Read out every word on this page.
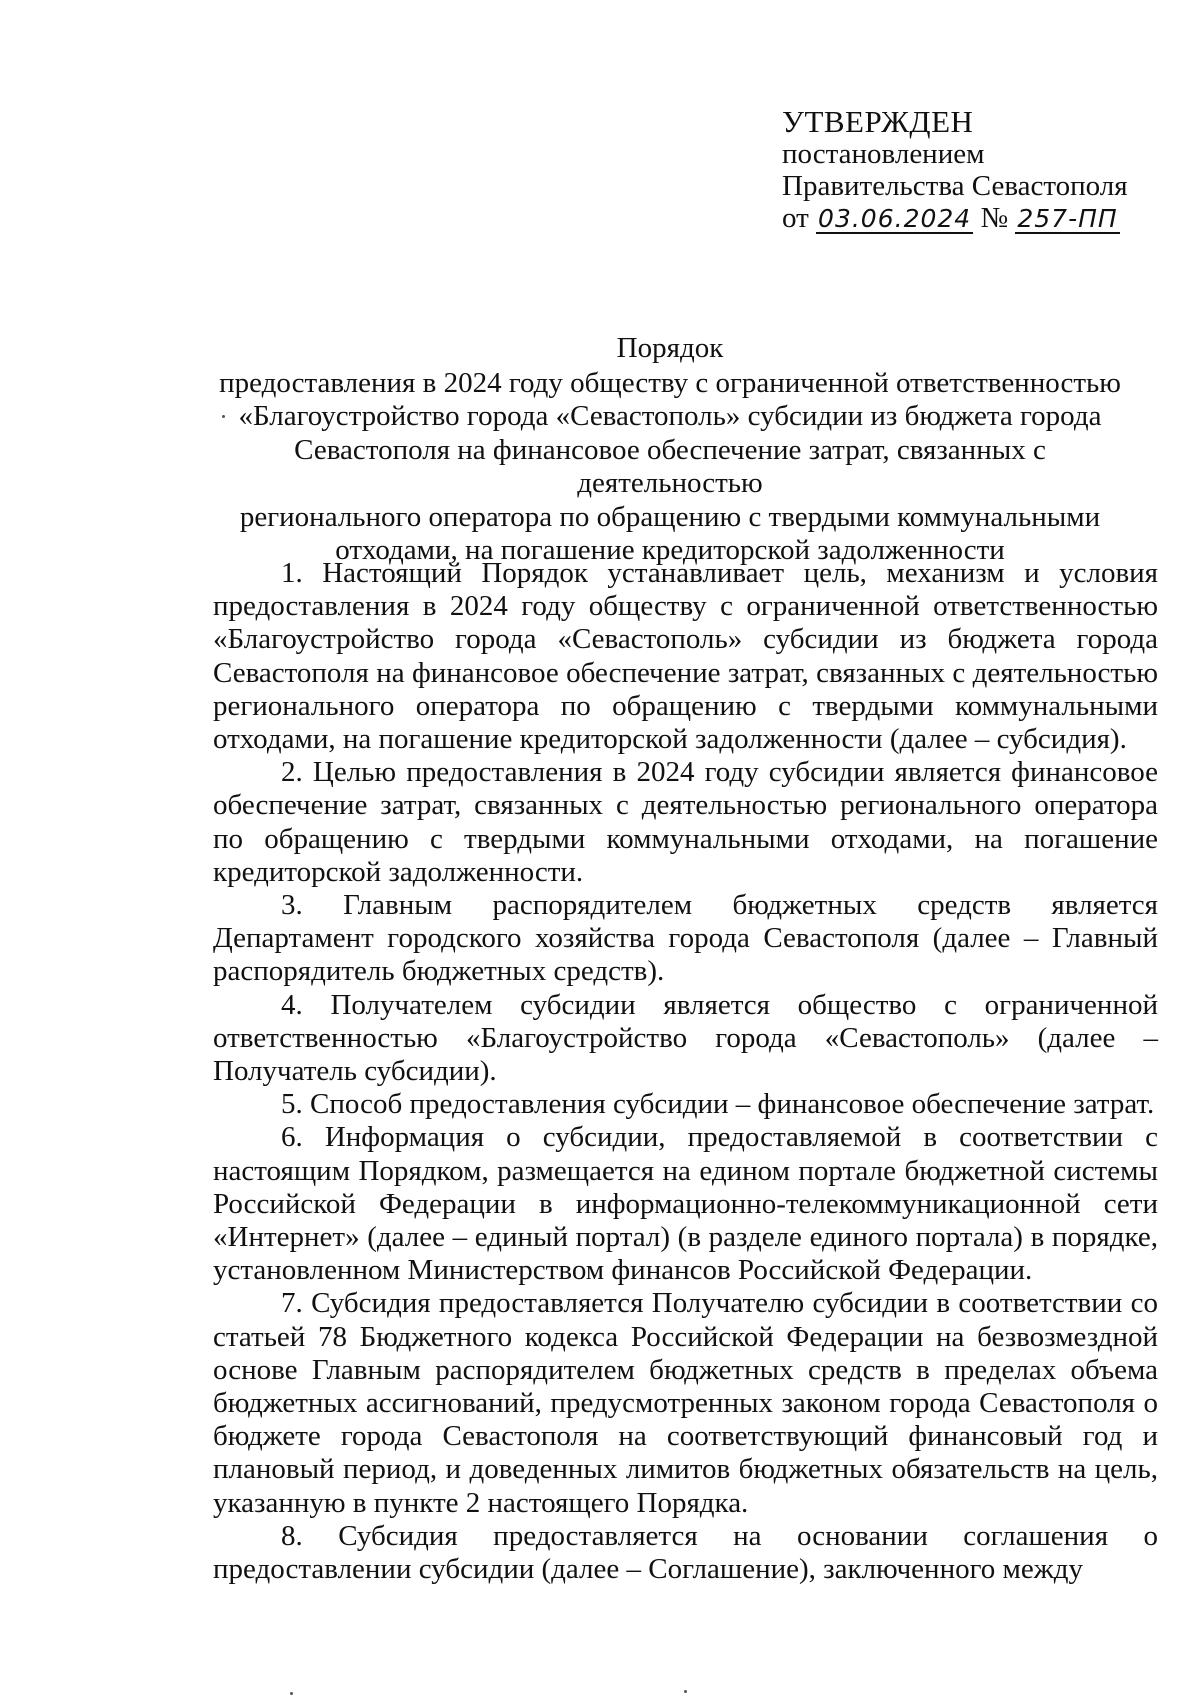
УТВЕРЖДЕН
постановлением
Правительства Севастополя
от 03.06.2024 № 257-ПП
Порядок
предоставления в 2024 году обществу с ограниченной ответственностью
«Благоустройство города «Севастополь» субсидии из бюджета города
Севастополя на финансовое обеспечение затрат, связанных с деятельностью
регионального оператора по обращению с твердыми коммунальными
отходами, на погашение кредиторской задолженности

1. Настоящий Порядок устанавливает цель, механизм и условия предоставления в 2024 году обществу с ограниченной ответственностью «Благоустройство города «Севастополь» субсидии из бюджета города Севастополя на финансовое обеспечение затрат, связанных с деятельностью регионального оператора по обращению с твердыми коммунальными отходами, на погашение кредиторской задолженности (далее – субсидия).

2. Целью предоставления в 2024 году субсидии является финансовое обеспечение затрат, связанных с деятельностью регионального оператора по обращению с твердыми коммунальными отходами, на погашение кредиторской задолженности.

3. Главным распорядителем бюджетных средств является Департамент городского хозяйства города Севастополя (далее – Главный распорядитель бюджетных средств).

4. Получателем субсидии является общество с ограниченной ответственностью «Благоустройство города «Севастополь» (далее – Получатель субсидии).

5. Способ предоставления субсидии – финансовое обеспечение затрат.

6. Информация о субсидии, предоставляемой в соответствии с настоящим Порядком, размещается на едином портале бюджетной системы Российской Федерации в информационно-телекоммуникационной сети «Интернет» (далее – единый портал) (в разделе единого портала) в порядке, установленном Министерством финансов Российской Федерации.

7. Субсидия предоставляется Получателю субсидии в соответствии со статьей 78 Бюджетного кодекса Российской Федерации на безвозмездной основе Главным распорядителем бюджетных средств в пределах объема бюджетных ассигнований, предусмотренных законом города Севастополя о бюджете города Севастополя на соответствующий финансовый год и плановый период, и доведенных лимитов бюджетных обязательств на цель, указанную в пункте 2 настоящего Порядка.

8. Субсидия предоставляется на основании соглашения о предоставлении субсидии (далее – Соглашение), заключенного между
